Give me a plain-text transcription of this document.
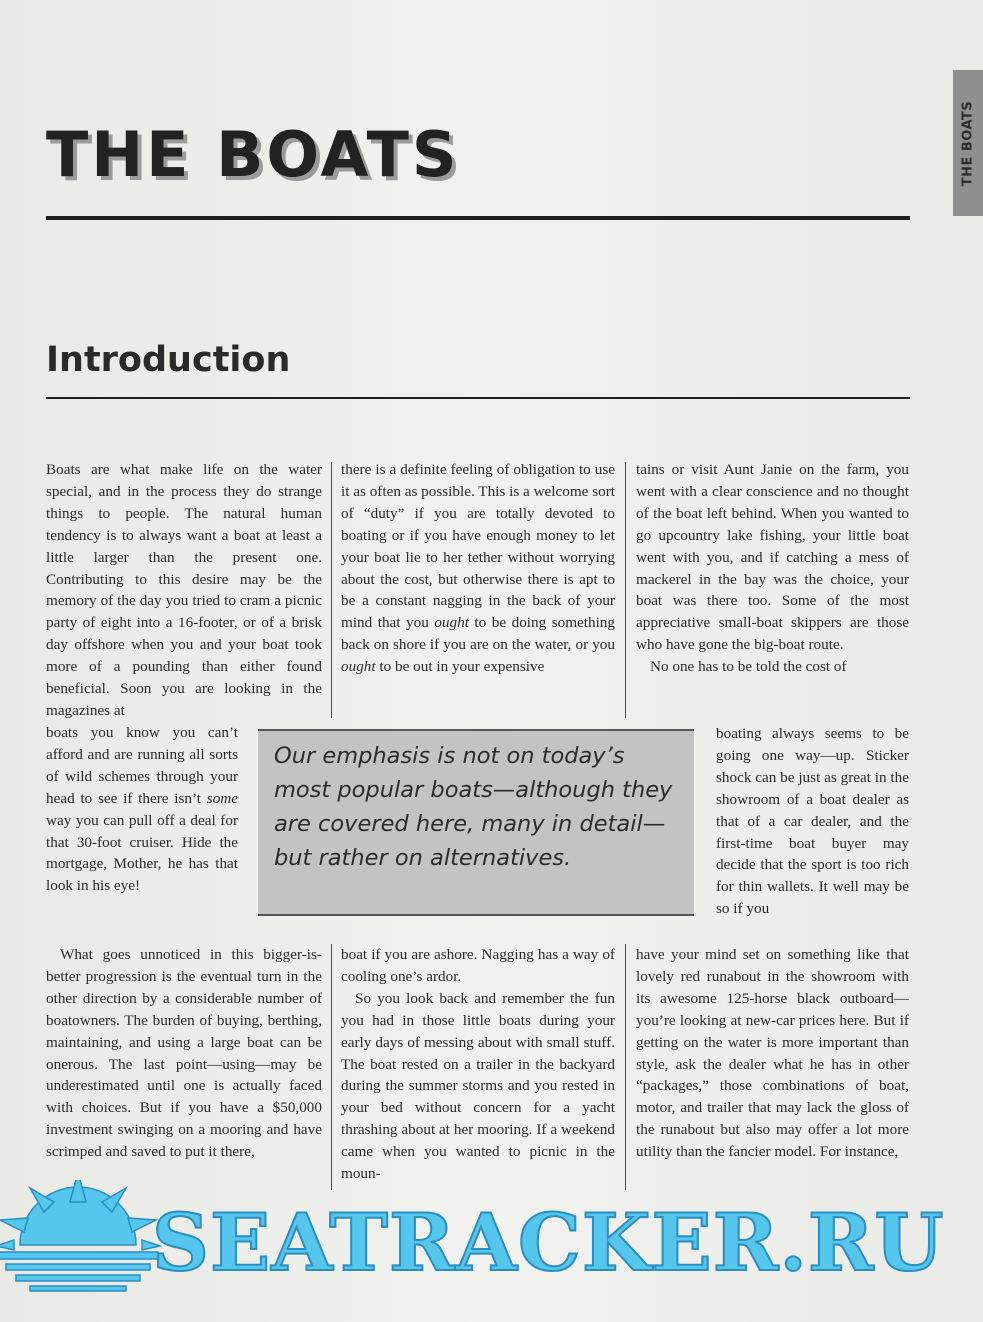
THE BOATS
THE BOATS
Introduction

Boats are what make life on the water special, and in the process they do strange things to people. The natural human tendency is to always want a boat at least a little larger than the present one. Contributing to this desire may be the memory of the day you tried to cram a picnic party of eight into a 16-footer, or of a brisk day offshore when you and your boat took more of a pounding than either found beneficial. Soon you are looking in the magazines at

boats you know you can’t afford and are running all sorts of wild schemes through your head to see if there isn’t some way you can pull off a deal for that 30-foot cruiser. Hide the mortgage, Mother, he has that look in his eye!

What goes unnoticed in this bigger-is-better progression is the eventual turn in the other direction by a considerable number of boatowners. The burden of buying, berthing, maintaining, and using a large boat can be onerous. The last point—using—may be underestimated until one is actually faced with choices. But if you have a $50,000 investment swinging on a mooring and have scrimped and saved to put it there,

there is a definite feeling of obligation to use it as often as possible. This is a welcome sort of “duty” if you are totally devoted to boating or if you have enough money to let your boat lie to her tether without worrying about the cost, but otherwise there is apt to be a constant nagging in the back of your mind that you ought to be doing something back on shore if you are on the water, or you ought to be out in your expensive

boat if you are ashore. Nagging has a way of cooling one’s ardor.

So you look back and remember the fun you had in those little boats during your early days of messing about with small stuff. The boat rested on a trailer in the backyard during the summer storms and you rested in your bed without concern for a yacht thrashing about at her mooring. If a weekend came when you wanted to picnic in the moun-

tains or visit Aunt Janie on the farm, you went with a clear conscience and no thought of the boat left behind. When you wanted to go upcountry lake fishing, your little boat went with you, and if catching a mess of mackerel in the bay was the choice, your boat was there too. Some of the most appreciative small-boat skippers are those who have gone the big-boat route.

No one has to be told the cost of

boating always seems to be going one way—up. Sticker shock can be just as great in the showroom of a boat dealer as that of a car dealer, and the first-time boat buyer may decide that the sport is too rich for thin wallets. It well may be so if you

have your mind set on something like that lovely red runabout in the showroom with its awesome 125-horse black outboard—you’re looking at new-car prices here. But if getting on the water is more important than style, ask the dealer what he has in other “packages,” those combinations of boat, motor, and trailer that may lack the gloss of the runabout but also may offer a lot more utility than the fancier model. For instance,

Our emphasis is not on today’s most popular boats—although they are covered here, many in detail—but rather on alternatives.

SEATRACKER.RU
